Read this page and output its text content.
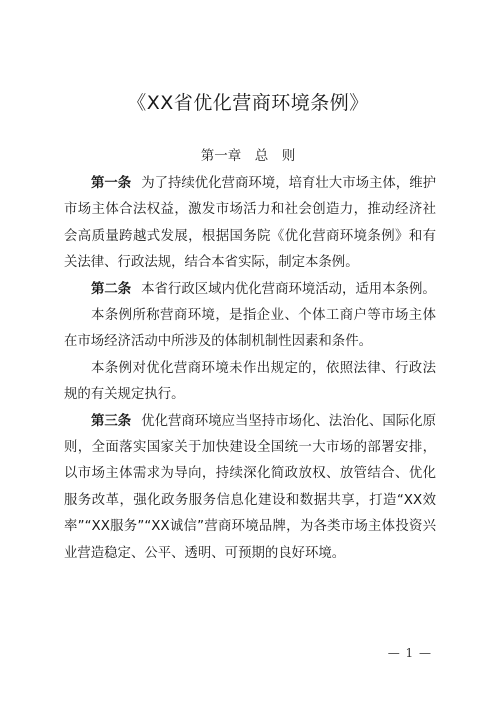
《XX省优化营商环境条例》
第一章　总　则

第一条 为了持续优化营商环境，培育壮大市场主体，维护市场主体合法权益，激发市场活力和社会创造力，推动经济社会高质量跨越式发展，根据国务院《优化营商环境条例》和有关法律、行政法规，结合本省实际，制定本条例。

第二条 本省行政区域内优化营商环境活动，适用本条例。

本条例所称营商环境，是指企业、个体工商户等市场主体在市场经济活动中所涉及的体制机制性因素和条件。

本条例对优化营商环境未作出规定的，依照法律、行政法规的有关规定执行。

第三条 优化营商环境应当坚持市场化、法治化、国际化原则，全面落实国家关于加快建设全国统一大市场的部署安排，以市场主体需求为导向，持续深化简政放权、放管结合、优化服务改革，强化政务服务信息化建设和数据共享，打造“XX效率”“XX服务”“XX诚信”营商环境品牌，为各类市场主体投资兴业营造稳定、公平、透明、可预期的良好环境。

— 1 —
